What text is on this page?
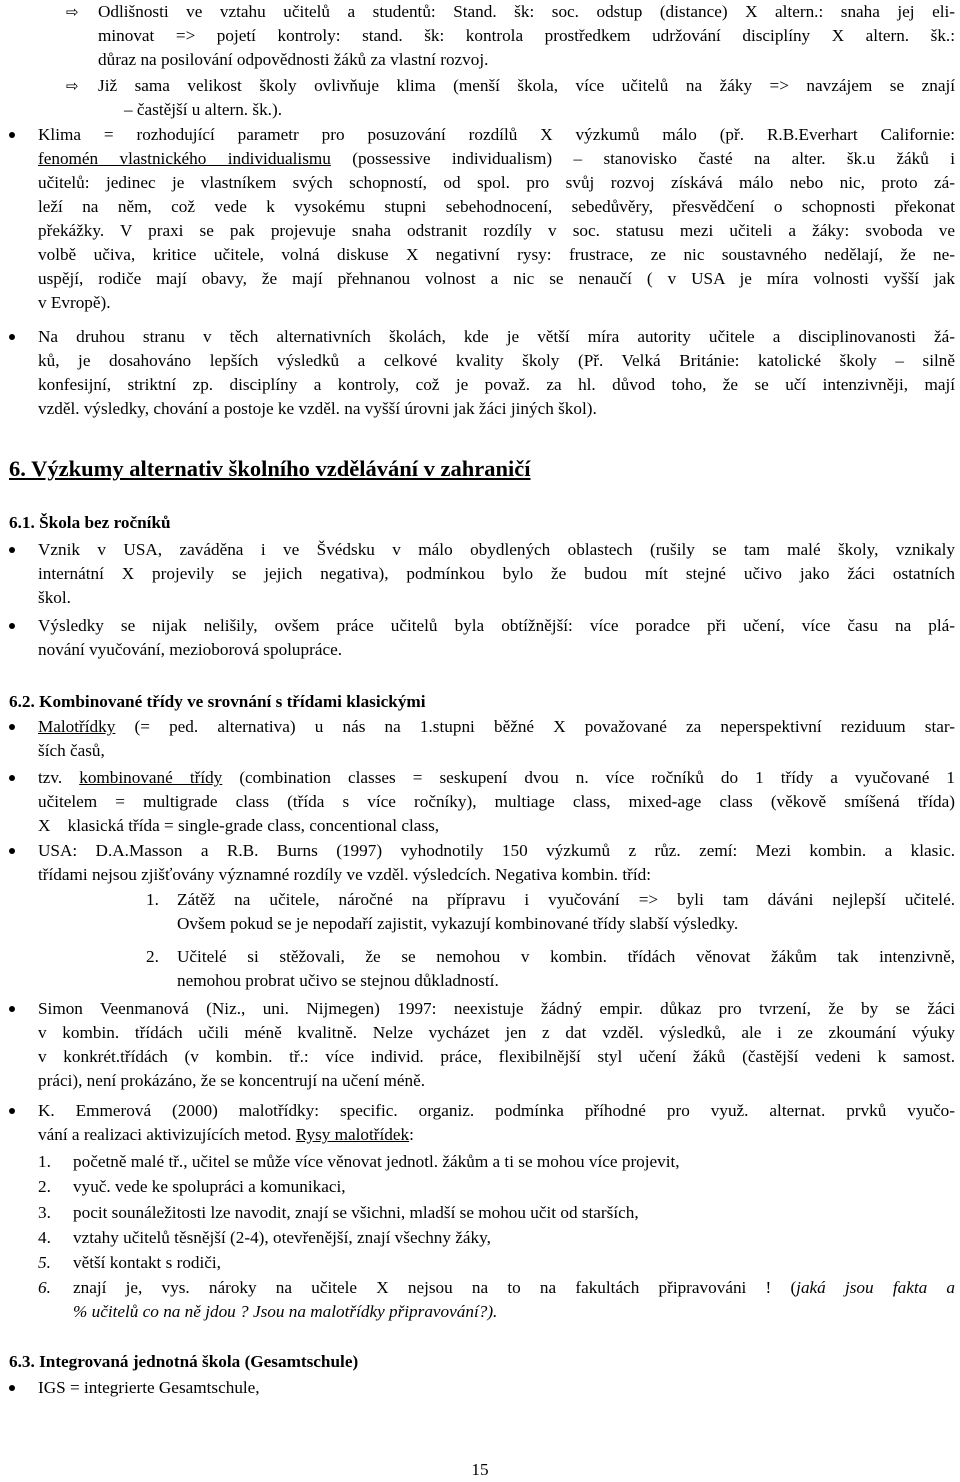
⇨ Odlišnosti ve vztahu učitelů a studentů: Stand. šk: soc. odstup (distance) X altern.: snaha jej eli-
minovat => pojetí kontroly: stand. šk: kontrola prostředkem udržování disciplíny X altern. šk.:
důraz na posilování odpovědnosti žáků za vlastní rozvoj.
⇨ Již sama velikost školy ovlivňuje klima (menší škola, více učitelů na žáky => navzájem se znají
– častější u altern. šk.).
Klima = rozhodující parametr pro posuzování rozdílů X výzkumů málo (př. R.B.Everhart Californie:
fenomén vlastnického individualismu (possessive individualism) – stanovisko časté na alter. šk.u žáků i
učitelů: jedinec je vlastníkem svých schopností, od spol. pro svůj rozvoj získává málo nebo nic, proto zá-
leží na něm, což vede k vysokému stupni sebehodnocení, sebedůvěry, přesvědčení o schopnosti překonat
překážky. V praxi se pak projevuje snaha odstranit rozdíly v soc. statusu mezi učiteli a žáky: svoboda ve
volbě učiva, kritice učitele, volná diskuse X negativní rysy: frustrace, ze nic soustavného nedělají, že ne-
uspějí, rodiče mají obavy, že mají přehnanou volnost a nic se nenaučí ( v USA je míra volnosti vyšší jak
v Evropě).
Na druhou stranu v těch alternativních školách, kde je větší míra autority učitele a disciplinovanosti žá-
ků, je dosahováno lepších výsledků a celkové kvality školy (Př. Velká Británie: katolické školy – silně
konfesijní, striktní zp. disciplíny a kontroly, což je považ. za hl. důvod toho, že se učí intenzivněji, mají
vzděl. výsledky, chování a postoje ke vzděl. na vyšší úrovni jak žáci jiných škol).
6. Výzkumy alternativ školního vzdělávání v zahraničí
6.1. Škola bez ročníků
Vznik v USA, zaváděna i ve Švédsku v málo obydlených oblastech (rušily se tam malé školy, vznikaly
internátní X projevily se jejich negativa), podmínkou bylo že budou mít stejné učivo jako žáci ostatních
škol.
Výsledky se nijak nelišily, ovšem práce učitelů byla obtížnější: více poradce při učení, více času na plá-
nování vyučování, mezioborová spolupráce.
6.2. Kombinované třídy ve srovnání s třídami klasickými
Malotřídky (= ped. alternativa) u nás na 1.stupni běžné X považované za neperspektivní reziduum star-
ších časů,
tzv. kombinované třídy (combination classes = seskupení dvou n. více ročníků do 1 třídy a vyučované 1
učitelem = multigrade class (třída s více ročníky), multiage class, mixed-age class (věkově smíšená třída)
X    klasická třída = single-grade class, concentional class,
USA: D.A.Masson a R.B. Burns (1997) vyhodnotily 150 výzkumů z růz. zemí: Mezi kombin. a klasic.
třídami nejsou zjišťovány významné rozdíly ve vzděl. výsledcích. Negativa kombin. tříd:
1. Zátěž na učitele, náročné na přípravu i vyučování => byli tam dáváni nejlepší učitelé.
Ovšem pokud se je nepodaří zajistit, vykazují kombinované třídy slabší výsledky.
2. Učitelé si stěžovali, že se nemohou v kombin. třídách věnovat žákům tak intenzivně,
nemohou probrat učivo se stejnou důkladností.
Simon Veenmanová (Niz., uni. Nijmegen) 1997: neexistuje žádný empir. důkaz pro tvrzení, že by se žáci
v kombin. třídách učili méně kvalitně. Nelze vycházet jen z dat vzděl. výsledků, ale i ze zkoumání výuky
v konkrét.třídách (v kombin. tř.: více individ. práce, flexibilnější styl učení žáků (častější vedeni k samost.
práci), není prokázáno, že se koncentrují na učení méně.
K. Emmerová (2000) malotřídky: specific. organiz. podmínka příhodné pro využ. alternat. prvků vyučo-
vání a realizaci aktivizujících metod. Rysy malotřídek:
1. početně malé tř., učitel se může více věnovat jednotl. žákům a ti se mohou více projevit,
2. vyuč. vede ke spolupráci a komunikaci,
3. pocit sounáležitosti lze navodit, znají se všichni, mladší se mohou učit od starších,
4. vztahy učitelů těsnější (2-4), otevřenější, znají všechny žáky,
5. větší kontakt s rodiči,
6. znají je, vys. nároky na učitele X nejsou na to na fakultách připravováni ! (jaká jsou fakta a
% učitelů co na ně jdou ? Jsou na malotřídky připravování?).
6.3. Integrovaná jednotná škola (Gesamtschule)
IGS = integrierte Gesamtschule,
15
